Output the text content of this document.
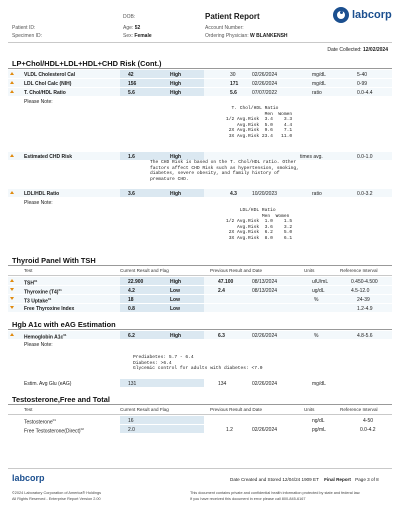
DOB:
Patient ID:	Age: 52
Specimen ID:	Sex: Female
Patient Report
Account Number:
Ordering Physician: W BLANKENSH
labcorp
Date Collected: 12/02/2024
LP+Chol/HDL+LDL+HDL+CHD Risk (Cont.)
VLDL Cholesterol Cal	42	High	30	02/26/2024	mg/dL	5-40
LDL Chol Calc (NIH)	156	High	171	02/26/2024	mg/dL	0-99
T. Chol/HDL Ratio	5.6	High	5.6	07/07/2022	ratio	0.0-4.4
Please Note:
T. Chol/HDL Ratio
Men  Women
1/2 Avg.Risk  3.4    3.3
Avg.Risk  5.0    4.4
2X Avg.Risk  9.6    7.1
3X Avg.Risk 23.4   11.0
Estimated CHD Risk	1.6	High	times avg.	0.0-1.0
The CHD Risk is based on the T. Chol/HDL ratio. Other
factors affect CHD Risk such as hypertension, smoking,
diabetes, severe obesity, and family history of
premature CHD.
LDL/HDL Ratio	3.6	High	4.3	10/20/2023	ratio	0.0-3.2
Please Note:
LDL/HDL Ratio
Men  Women
1/2 Avg.Risk  1.0    1.5
Avg.Risk  3.6    3.2
2X Avg.Risk  6.2    5.0
3X Avg.Risk  8.0    6.1
Thyroid Panel With TSH
Test	Current Result and Flag	Previous Result and Date	Units	Reference Interval
TSH$^{01}$	22.900	High	47.100	08/13/2024	uIU/mL	0.450-4.500
Thyroxine $(T4)^{01}$	4.2	Low	2.4	08/13/2024	ug/dL	4.5-12.0
T3 Uptake$^{01}$	18	Low	%	24-39
Free Thyroxine Index	0.8	Low	1.2-4.9
Hgb A1c with eAG Estimation
Hemoglobin $A1c^{01}$	6.2	High	6.3	02/26/2024	%	4.8-5.6
Please Note:
Prediabetes: 5.7 - 6.4
Diabetes: >6.4
Glycemic control for adults with diabetes: <7.0
Estim. Avg Glu (eAG)	131	134	02/26/2024	mg/dL
Testosterone,Free and Total
Test	Current Result and Flag	Previous Result and Date	Units	Reference Interval
Testosterone$^{01}$	16	ng/dL	4-50
Free Testosterone(Direct)$^{02}$	2.0	1.2	02/26/2024	pg/mL	0.0-4.2
labcorp	Date Created and Stored 12/04/24 1909 ET Final Report Page 3 of 8
©2024 Laboratory Corporation of America® Holdings
All Rights Reserved - Enterprise Report Version 2.00
This document contains private and confidential health information protected by state and federal law.
If you have received this document in error please call 800-845-6167
